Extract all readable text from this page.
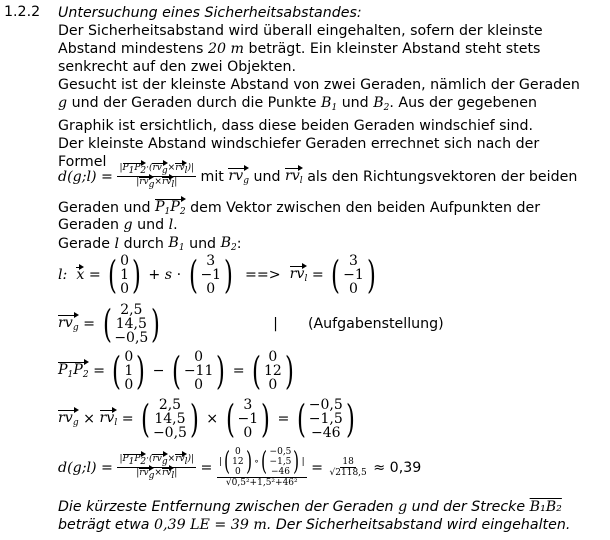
1.2.2 Untersuchung eines Sicherheitsabstandes:
Der Sicherheitsabstand wird überall eingehalten, sofern der kleinste
Abstand mindestens 20 m beträgt. Ein kleinster Abstand steht stets
senkrecht auf den zwei Objekten.
Gesucht ist der kleinste Abstand von zwei Geraden, nämlich der Geraden
g und der Geraden durch die Punkte $B_1$ und $B_2$. Aus der gegebenen
Graphik ist ersichtlich, dass diese beiden Geraden windschief sind.
Der kleinste Abstand windschiefer Geraden errechnet sich nach der
Formel
d(g;l) =
$\frac{|P_1P_2\cdot(rv_g\times rv_l)|}{|rv_g\times rv_l|}$
mit
$rv_g$
und
$rv_l$
als den Richtungsvektoren der beiden
Geraden und
$P_1P_2$
dem Vektor zwischen den beiden Aufpunkten der
Geraden
g
und
l .
Gerade
l
durch
$B_1$
und
$B_2$ :
l:
x = ( 0
1
0 ) + s · ( 3
−1
0 )
==>
$rv_l$ = ( 3
−1
0 )
$rv_g$ = ( 2,5
14,5
−0,5 )	| (Aufgabenstellung)
$P_1P_2$ = ( 0
1
0 ) − ( 0
−11
0 ) = ( 0
12
0 )
$rv_g \times rv_l$ = ( 2,5
14,5
−0,5 ) × ( 3
−1
0 ) = ( −0,5
−1,5
−46 )
d(g;l) =
$\frac{|P_1P_2\cdot(rv_g\times rv_l)|}{|rv_g\times rv_l|}$ = | ( 0
12
0 ) ∘ ( −0,5
−1,5
−46 ) |
$√0,5^2+1,5^2+46^2 = \frac{18}{√2118,5}$
≈ 0,39
Die kürzeste Entfernung zwischen der Geraden
g
und der Strecke
B₁B₂
beträgt etwa
0,39 LE = 39 m . Der Sicherheitsabstand wird eingehalten.
